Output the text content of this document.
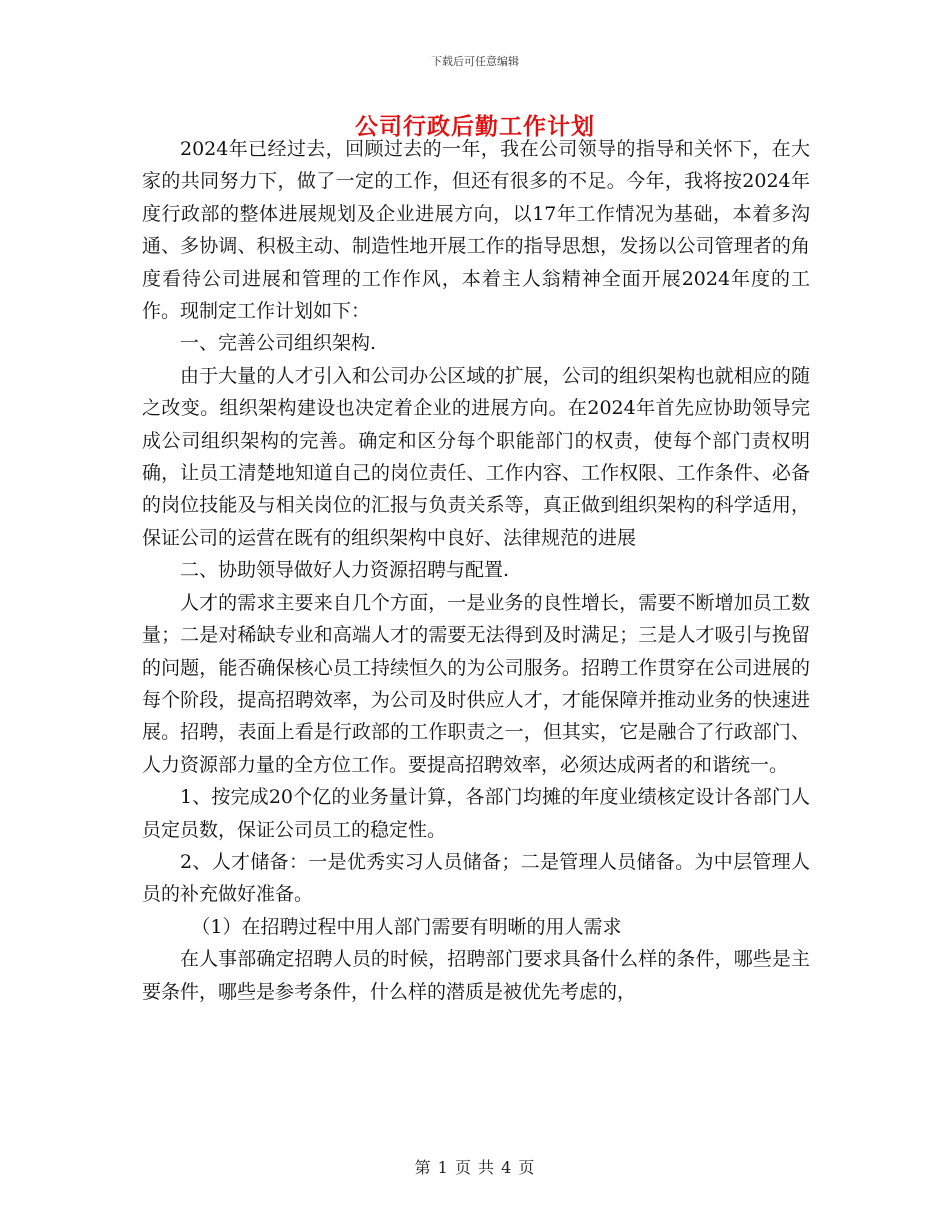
下载后可任意编辑
公司行政后勤工作计划

2024年已经过去，回顾过去的一年，我在公司领导的指导和关怀下，在大家的共同努力下，做了一定的工作，但还有很多的不足。今年，我将按2024年度行政部的整体进展规划及企业进展方向，以17年工作情况为基础，本着多沟通、多协调、积极主动、制造性地开展工作的指导思想，发扬以公司管理者的角度看待公司进展和管理的工作作风，本着主人翁精神全面开展2024年度的工作。现制定工作计划如下：

一、完善公司组织架构.

由于大量的人才引入和公司办公区域的扩展，公司的组织架构也就相应的随之改变。组织架构建设也决定着企业的进展方向。在2024年首先应协助领导完成公司组织架构的完善。确定和区分每个职能部门的权责，使每个部门责权明确，让员工清楚地知道自己的岗位责任、工作内容、工作权限、工作条件、必备的岗位技能及与相关岗位的汇报与负责关系等，真正做到组织架构的科学适用，保证公司的运营在既有的组织架构中良好、法律规范的进展

二、协助领导做好人力资源招聘与配置.

人才的需求主要来自几个方面，一是业务的良性增长，需要不断增加员工数量；二是对稀缺专业和高端人才的需要无法得到及时满足；三是人才吸引与挽留的问题，能否确保核心员工持续恒久的为公司服务。招聘工作贯穿在公司进展的每个阶段，提高招聘效率，为公司及时供应人才，才能保障并推动业务的快速进展。招聘，表面上看是行政部的工作职责之一，但其实，它是融合了行政部门、人力资源部力量的全方位工作。要提高招聘效率，必须达成两者的和谐统一。

1、按完成20个亿的业务量计算，各部门均摊的年度业绩核定设计各部门人员定员数，保证公司员工的稳定性。

2、人才储备：一是优秀实习人员储备；二是管理人员储备。为中层管理人员的补充做好准备。

（1）在招聘过程中用人部门需要有明晰的用人需求

在人事部确定招聘人员的时候，招聘部门要求具备什么样的条件，哪些是主要条件，哪些是参考条件，什么样的潜质是被优先考虑的，

第 1 页 共 4 页
